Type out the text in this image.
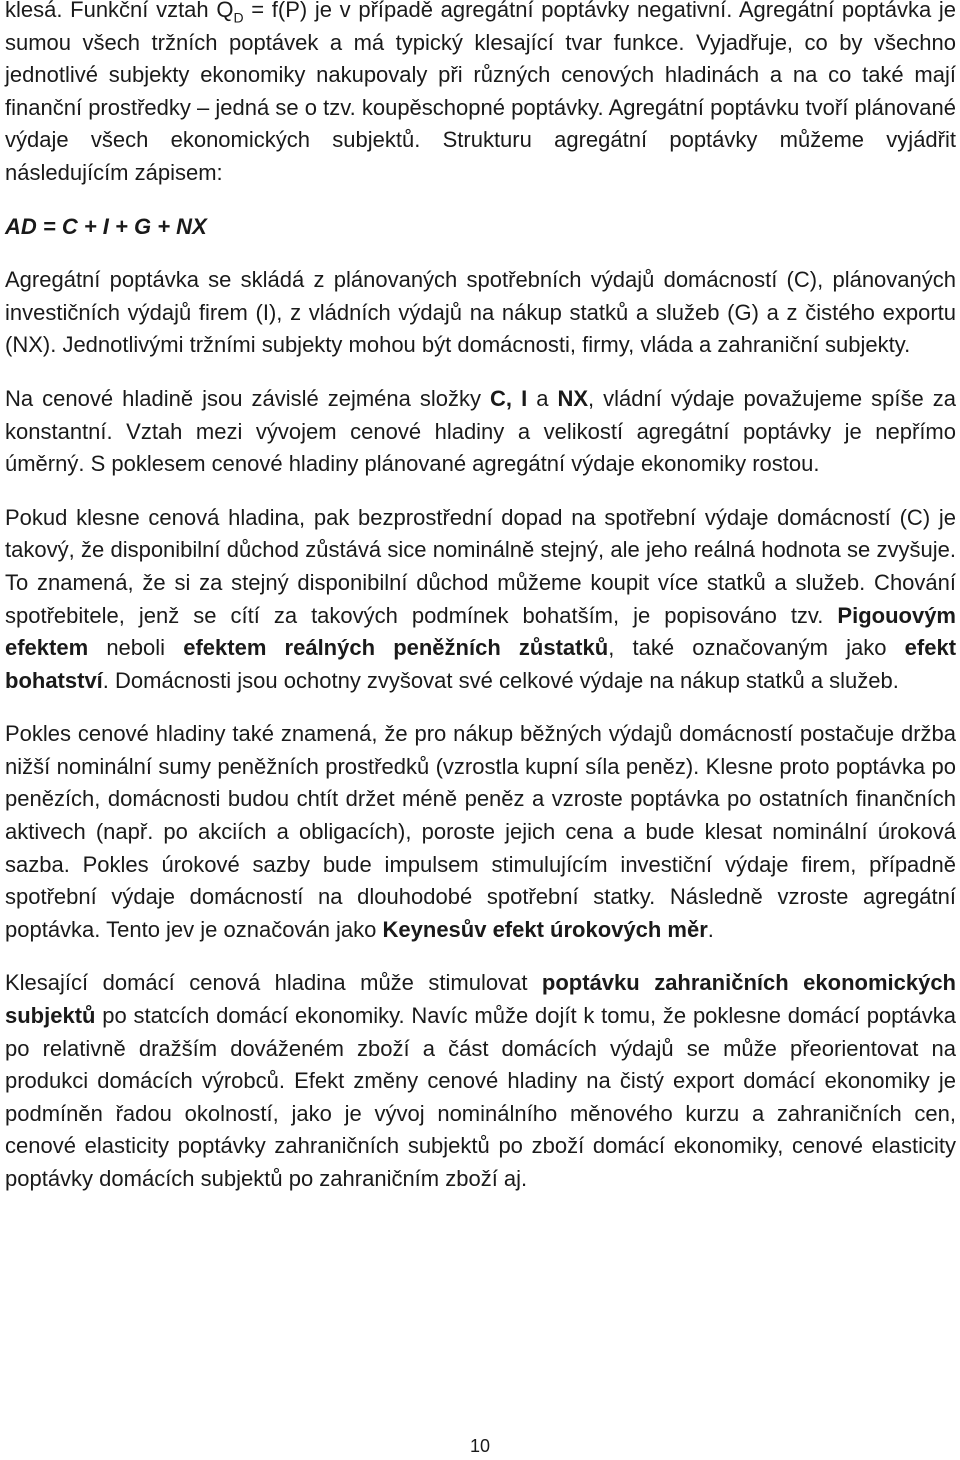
klesá. Funkční vztah $Q_D = f(P)$ je v případě agregátní poptávky negativní. Agregátní poptávka je sumou všech tržních poptávek a má typický klesající tvar funkce. Vyjadřuje, co by všechno jednotlivé subjekty ekonomiky nakupovaly při různých cenových hladinách a na co také mají finanční prostředky – jedná se o tzv. koupěschopné poptávky. Agregátní poptávku tvoří plánované výdaje všech ekonomických subjektů. Strukturu agregátní poptávky můžeme vyjádřit následujícím zápisem:

AD = C + I + G + NX

Agregátní poptávka se skládá z plánovaných spotřebních výdajů domácností (C), plánovaných investičních výdajů firem (I), z vládních výdajů na nákup statků a služeb (G) a z čistého exportu (NX). Jednotlivými tržními subjekty mohou být domácnosti, firmy, vláda a zahraniční subjekty.

Na cenové hladině jsou závislé zejména složky C, I a NX, vládní výdaje považujeme spíše za konstantní. Vztah mezi vývojem cenové hladiny a velikostí agregátní poptávky je nepřímo úměrný. S poklesem cenové hladiny plánované agregátní výdaje ekonomiky rostou.

Pokud klesne cenová hladina, pak bezprostřední dopad na spotřební výdaje domácností (C) je takový, že disponibilní důchod zůstává sice nominálně stejný, ale jeho reálná hodnota se zvyšuje. To znamená, že si za stejný disponibilní důchod můžeme koupit více statků a služeb. Chování spotřebitele, jenž se cítí za takových podmínek bohatším, je popisováno tzv. Pigouovým efektem neboli efektem reálných peněžních zůstatků, také označovaným jako efekt bohatství. Domácnosti jsou ochotny zvyšovat své celkové výdaje na nákup statků a služeb.

Pokles cenové hladiny také znamená, že pro nákup běžných výdajů domácností postačuje držba nižší nominální sumy peněžních prostředků (vzrostla kupní síla peněz). Klesne proto poptávka po penězích, domácnosti budou chtít držet méně peněz a vzroste poptávka po ostatních finančních aktivech (např. po akciích a obligacích), poroste jejich cena a bude klesat nominální úroková sazba. Pokles úrokové sazby bude impulsem stimulujícím investiční výdaje firem, případně spotřební výdaje domácností na dlouhodobé spotřební statky. Následně vzroste agregátní poptávka. Tento jev je označován jako Keynesův efekt úrokových měr.

Klesající domácí cenová hladina může stimulovat poptávku zahraničních ekonomických subjektů po statcích domácí ekonomiky. Navíc může dojít k tomu, že poklesne domácí poptávka po relativně dražším dováženém zboží a část domácích výdajů se může přeorientovat na produkci domácích výrobců. Efekt změny cenové hladiny na čistý export domácí ekonomiky je podmíněn řadou okolností, jako je vývoj nominálního měnového kurzu a zahraničních cen, cenové elasticity poptávky zahraničních subjektů po zboží domácí ekonomiky, cenové elasticity poptávky domácích subjektů po zahraničním zboží aj.

10
